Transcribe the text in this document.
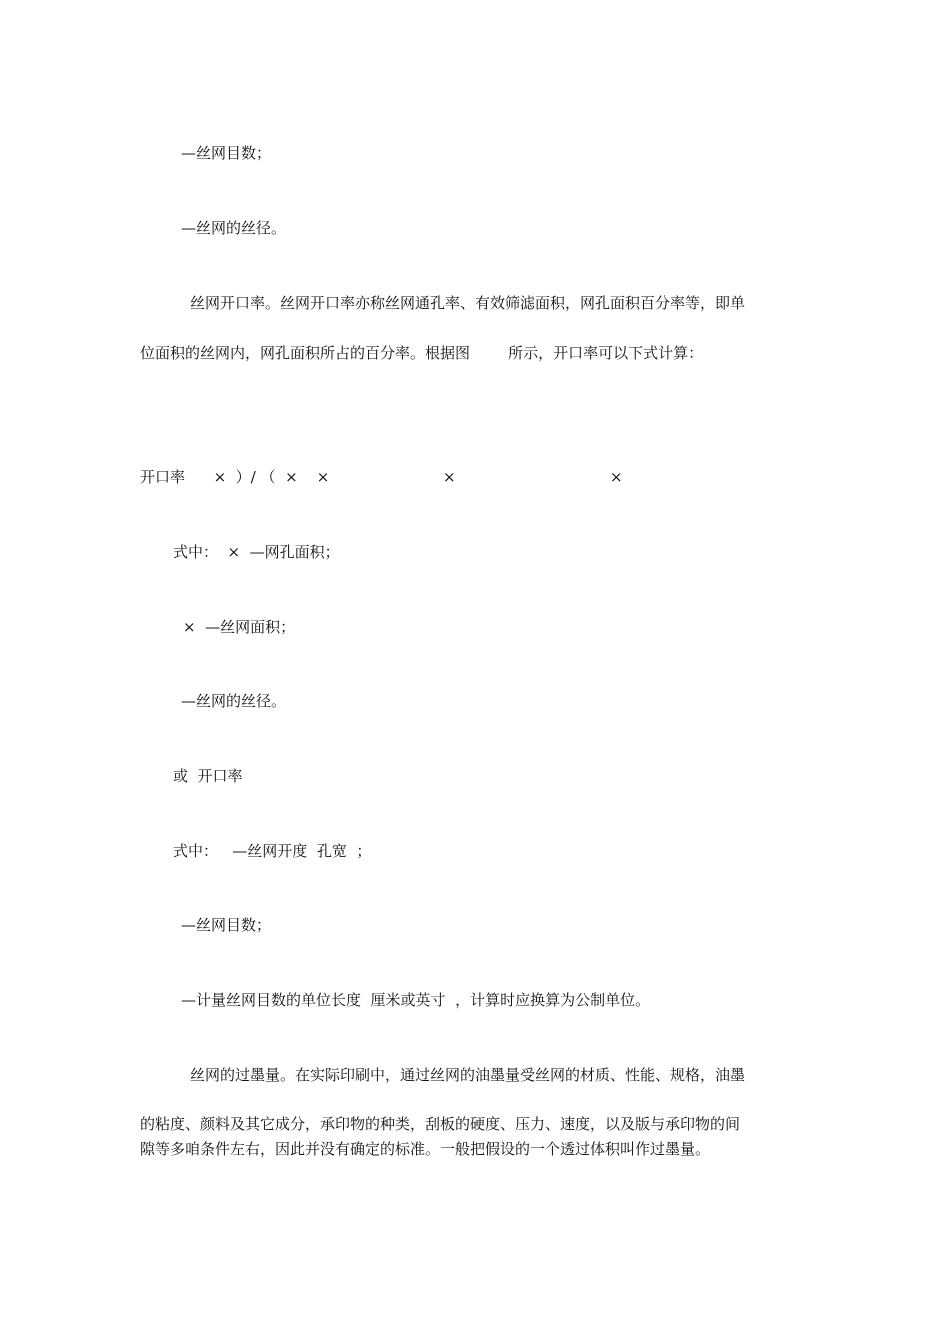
—丝网目数；
—丝网的丝径。
丝网开口率。丝网开口率亦称丝网通孔率、有效筛滤面积，网孔面积百分率等，即单
位面积的丝网内，网孔面积所占的百分率。根据图        所示，开口率可以下式计算：
开口率      ×  ）/ （  ×    ×	×	×
式中：  ×  —网孔面积；
×  —丝网面积；
—丝网的丝径。
或  开口率
式中：   —丝网开度  孔宽  ；
—丝网目数；
—计量丝网目数的单位长度  厘米或英寸  ，计算时应换算为公制单位。
丝网的过墨量。在实际印刷中，通过丝网的油墨量受丝网的材质、性能、规格，油墨
的粘度、颜料及其它成分，承印物的种类，刮板的硬度、压力、速度，以及版与承印物的间
隙等多咱条件左右，因此并没有确定的标准。一般把假设的一个透过体积叫作过墨量。
